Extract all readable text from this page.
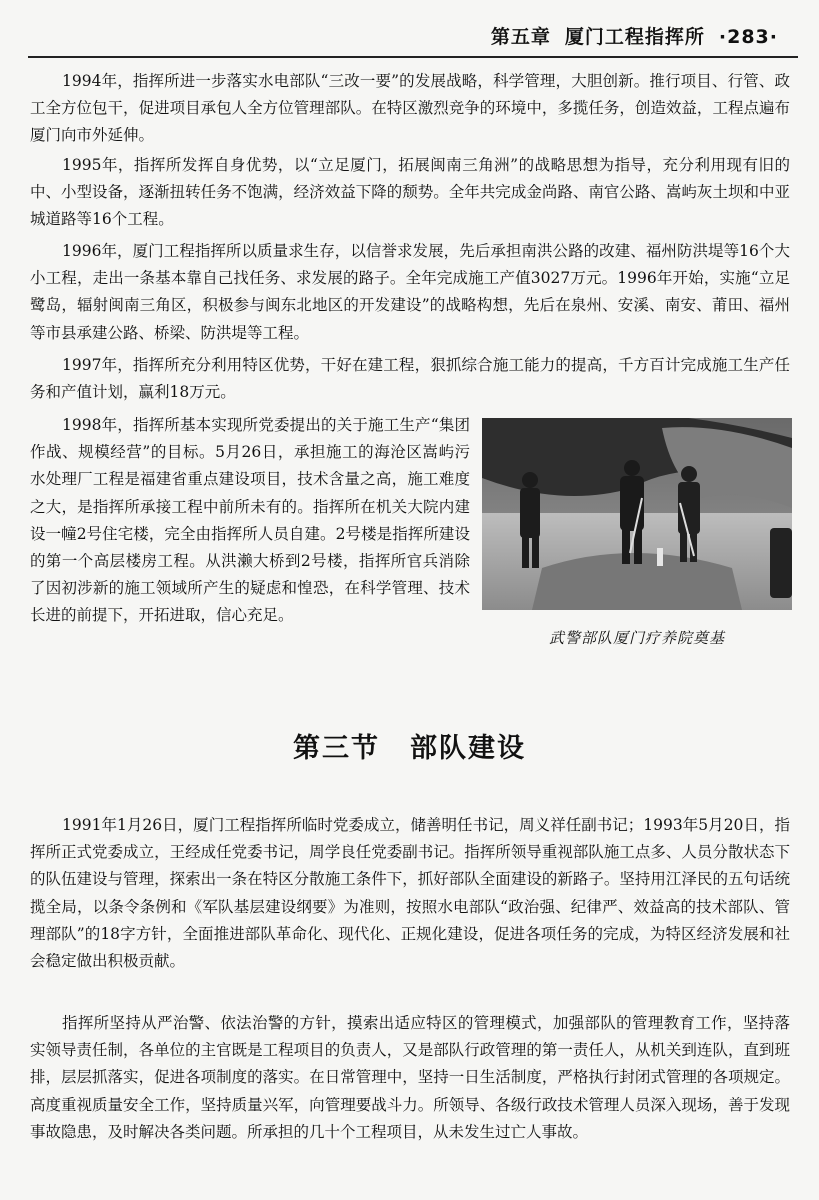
第五章 厦门工程指挥所 ·283·

1994年，指挥所进一步落实水电部队“三改一要”的发展战略，科学管理，大胆创新。推行项目、行管、政工全方位包干，促进项目承包人全方位管理部队。在特区激烈竞争的环境中，多揽任务，创造效益，工程点遍布厦门向市外延伸。

1995年，指挥所发挥自身优势，以“立足厦门，拓展闽南三角洲”的战略思想为指导，充分利用现有旧的中、小型设备，逐渐扭转任务不饱满，经济效益下降的颓势。全年共完成金尚路、南官公路、嵩屿灰土坝和中亚城道路等16个工程。

1996年，厦门工程指挥所以质量求生存，以信誉求发展，先后承担南洪公路的改建、福州防洪堤等16个大小工程，走出一条基本靠自己找任务、求发展的路子。全年完成施工产值3027万元。1996年开始，实施“立足鹭岛，辐射闽南三角区，积极参与闽东北地区的开发建设”的战略构想，先后在泉州、安溪、南安、莆田、福州等市县承建公路、桥梁、防洪堤等工程。

1997年，指挥所充分利用特区优势，干好在建工程，狠抓综合施工能力的提高，千方百计完成施工生产任务和产值计划，赢利18万元。

1998年，指挥所基本实现所党委提出的关于施工生产“集团作战、规模经营”的目标。5月26日，承担施工的海沧区嵩屿污水处理厂工程是福建省重点建设项目，技术含量之高，施工难度之大，是指挥所承接工程中前所未有的。指挥所在机关大院内建设一幢2号住宅楼，完全由指挥所人员自建。2号楼是指挥所建设的第一个高层楼房工程。从洪濑大桥到2号楼，指挥所官兵消除了因初涉新的施工领域所产生的疑虑和惶恐，在科学管理、技术长进的前提下，开拓进取，信心充足。

武警部队厦门疗养院奠基
第三节 部队建设

1991年1月26日，厦门工程指挥所临时党委成立，储善明任书记，周义祥任副书记；1993年5月20日，指挥所正式党委成立，王经成任党委书记，周学良任党委副书记。指挥所领导重视部队施工点多、人员分散状态下的队伍建设与管理，探索出一条在特区分散施工条件下，抓好部队全面建设的新路子。坚持用江泽民的五句话统揽全局，以条令条例和《军队基层建设纲要》为准则，按照水电部队“政治强、纪律严、效益高的技术部队、管理部队”的18字方针，全面推进部队革命化、现代化、正规化建设，促进各项任务的完成，为特区经济发展和社会稳定做出积极贡献。

指挥所坚持从严治警、依法治警的方针，摸索出适应特区的管理模式，加强部队的管理教育工作，坚持落实领导责任制，各单位的主官既是工程项目的负责人，又是部队行政管理的第一责任人，从机关到连队，直到班排，层层抓落实，促进各项制度的落实。在日常管理中，坚持一日生活制度，严格执行封闭式管理的各项规定。高度重视质量安全工作，坚持质量兴军，向管理要战斗力。所领导、各级行政技术管理人员深入现场，善于发现事故隐患，及时解决各类问题。所承担的几十个工程项目，从未发生过亡人事故。
